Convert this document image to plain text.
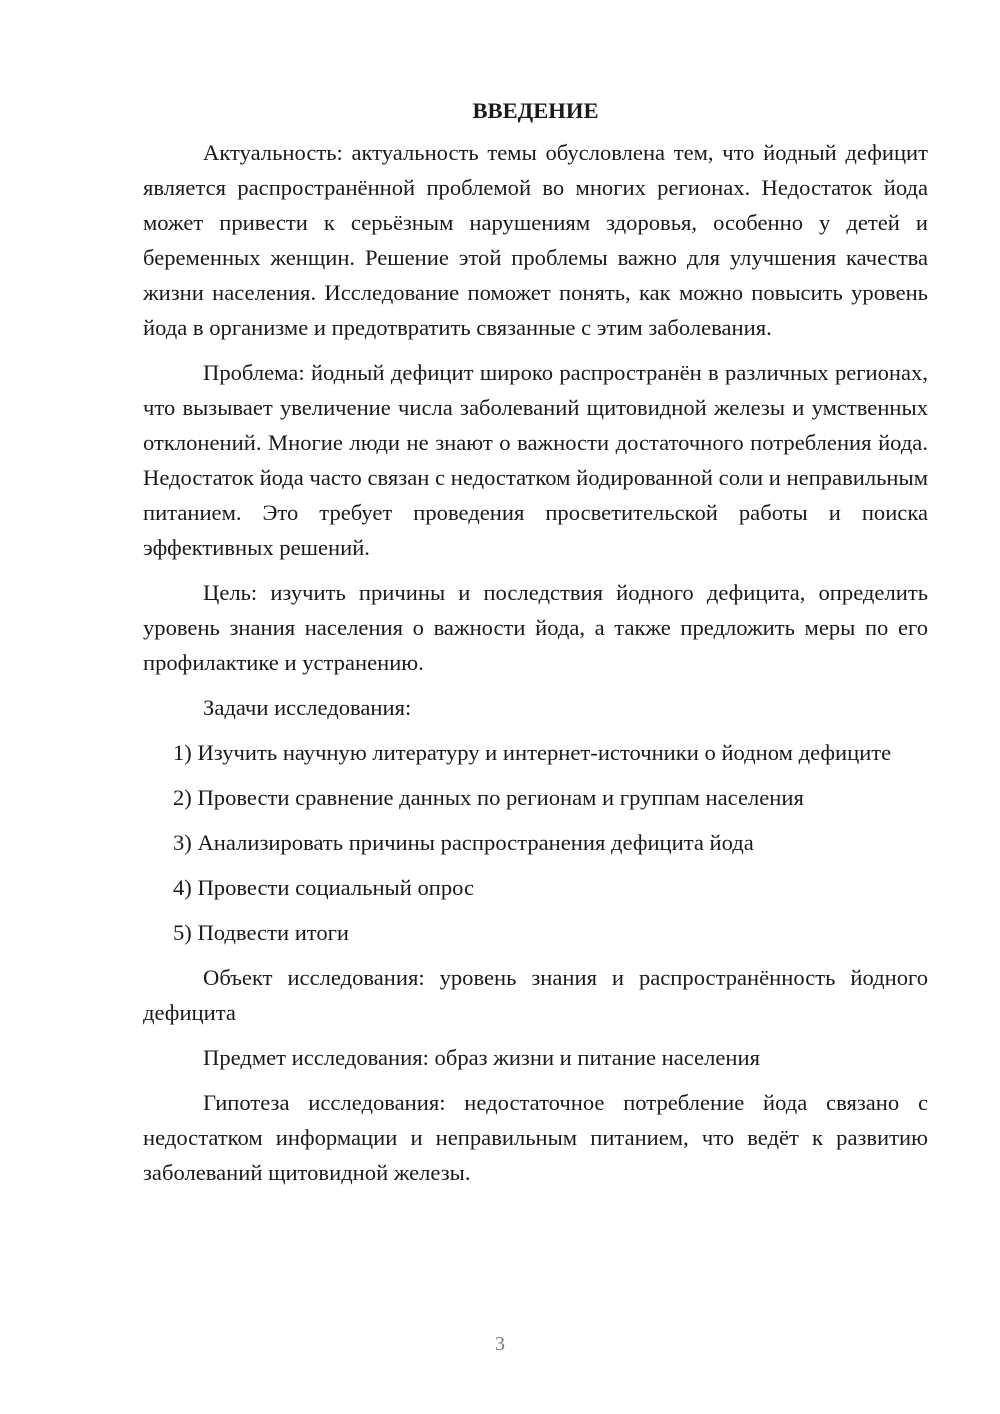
ВВЕДЕНИЕ

Актуальность: актуальность темы обусловлена тем, что йодный дефицит является распространённой проблемой во многих регионах. Недостаток йода может привести к серьёзным нарушениям здоровья, особенно у детей и беременных женщин. Решение этой проблемы важно для улучшения качества жизни населения. Исследование поможет понять, как можно повысить уровень йода в организме и предотвратить связанные с этим заболевания.

Проблема: йодный дефицит широко распространён в различных регионах, что вызывает увеличение числа заболеваний щитовидной железы и умственных отклонений. Многие люди не знают о важности достаточного потребления йода. Недостаток йода часто связан с недостатком йодированной соли и неправильным питанием. Это требует проведения просветительской работы и поиска эффективных решений.

Цель: изучить причины и последствия йодного дефицита, определить уровень знания населения о важности йода, а также предложить меры по его профилактике и устранению.

Задачи исследования:

1) Изучить научную литературу и интернет-источники о йодном дефиците

2) Провести сравнение данных по регионам и группам населения

3) Анализировать причины распространения дефицита йода

4) Провести социальный опрос

5) Подвести итоги

Объект исследования: уровень знания и распространённость йодного дефицита

Предмет исследования: образ жизни и питание населения

Гипотеза исследования: недостаточное потребление йода связано с недостатком информации и неправильным питанием, что ведёт к развитию заболеваний щитовидной железы.

3
